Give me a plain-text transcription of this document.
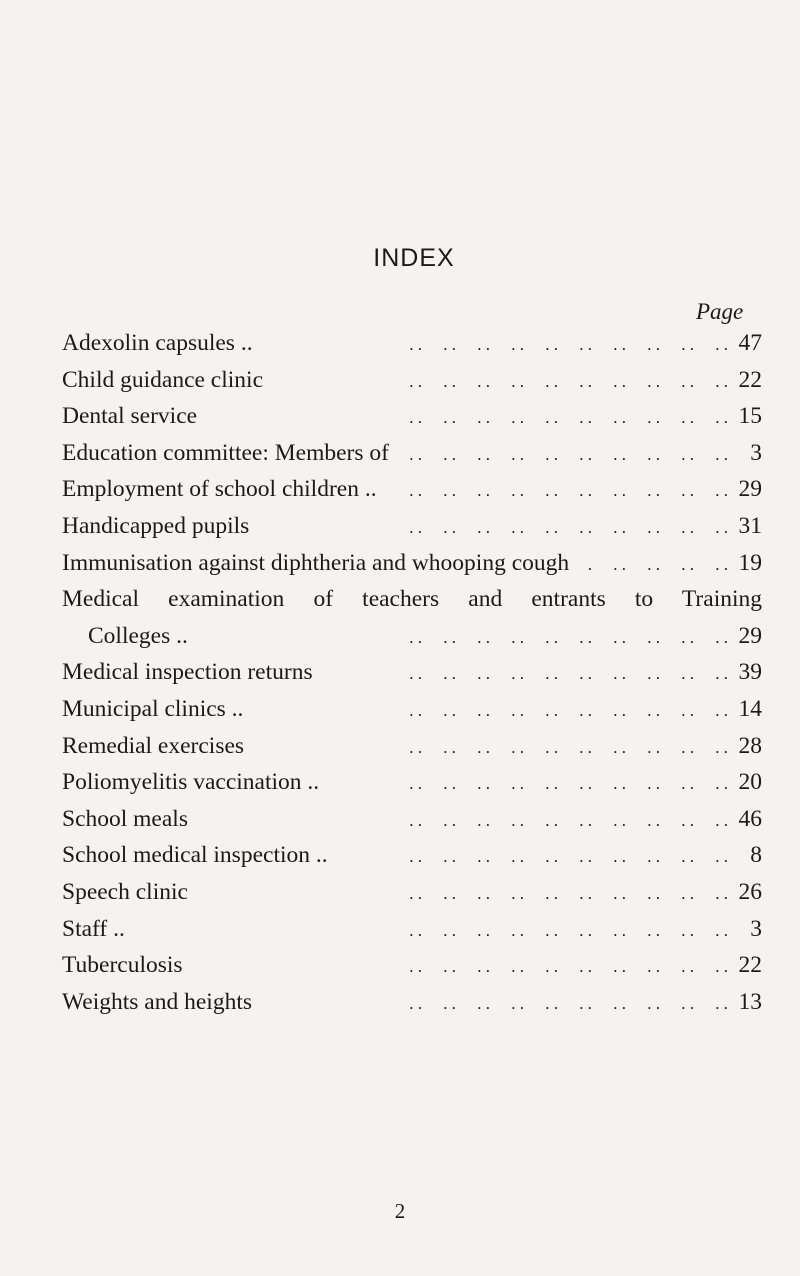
INDEX
Page
Adexolin capsules .. . .	47
Child guidance clinic . .	22
Dental service . .	15
Education committee: Members of . .	3
Employment of school children .. . .	29
Handicapped pupils . .	31
Immunisation against diphtheria and whooping cough . .	19
Medical examination of teachers and entrants to Training
Colleges .. . .	29
Medical inspection returns . .	39
Municipal clinics .. . .	14
Remedial exercises . .	28
Poliomyelitis vaccination .. . .	20
School meals . .	46
School medical inspection .. . .	8
Speech clinic . .	26
Staff .. . .	3
Tuberculosis . .	22
Weights and heights . .	13
2
